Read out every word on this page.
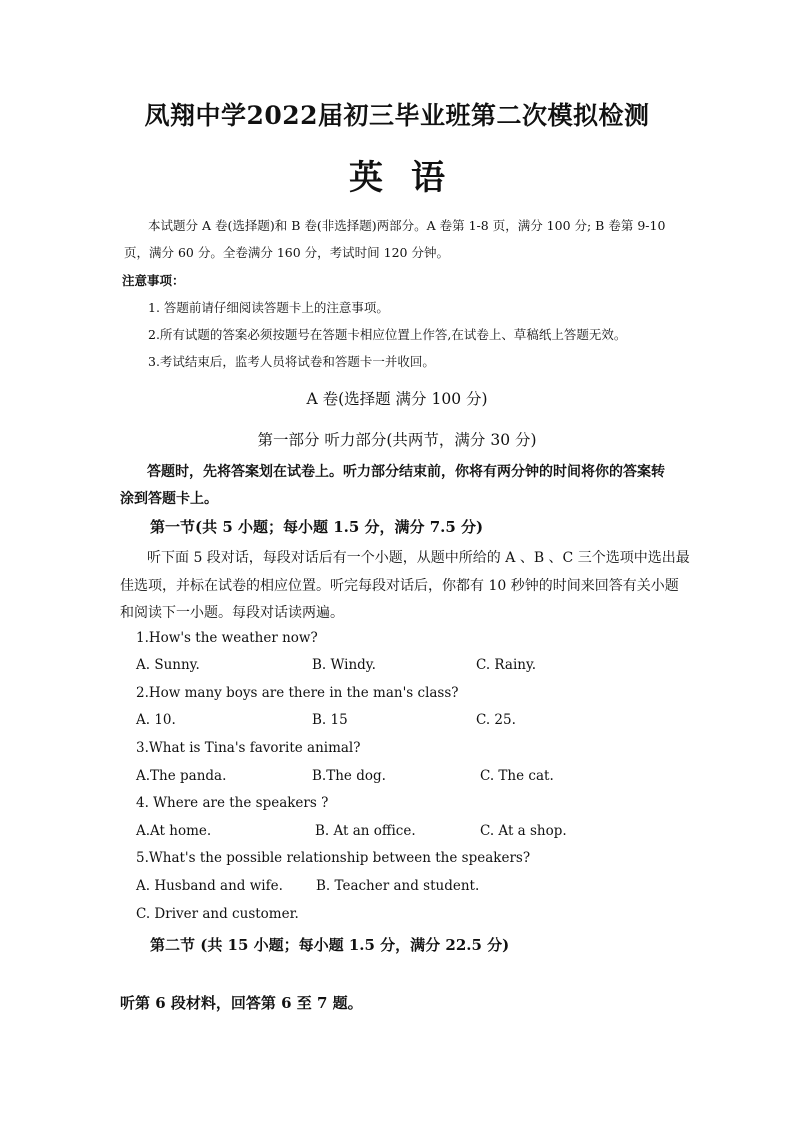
凤翔中学2022届初三毕业班第二次模拟检测
英语
本试题分 A 卷(选择题)和 B 卷(非选择题)两部分。A 卷第 1-8 页，满分 100 分; B 卷第 9-10
页，满分 60 分。全卷满分 160 分，考试时间 120 分钟。
注意事项：
1. 答题前请仔细阅读答题卡上的注意事项。
2.所有试题的答案必须按题号在答题卡相应位置上作答,在试卷上、草稿纸上答题无效。
3.考试结束后，监考人员将试卷和答题卡一并收回。
A 卷(选择题 满分 100 分)
第一部分 听力部分(共两节，满分 30 分)
答题时，先将答案划在试卷上。听力部分结束前，你将有两分钟的时间将你的答案转
涂到答题卡上。
第一节(共 5 小题；每小题 1.5 分，满分 7.5 分)
听下面 5 段对话，每段对话后有一个小题，从题中所给的 A 、B 、C 三个选项中选出最
佳选项，并标在试卷的相应位置。听完每段对话后，你都有 10 秒钟的时间来回答有关小题
和阅读下一小题。每段对话读两遍。
1.How's the weather now?
A. Sunny.	B. Windy.	C. Rainy.
2.How many boys are there in the man's class?
A. 10.	B. 15	C. 25.
3.What is Tina's favorite animal?
A.The panda.	B.The dog.	C. The cat.
4. Where are the speakers ?
A.At home.	B. At an office.	C. At a shop.
5.What's the possible relationship between the speakers?
A. Husband and wife. B. Teacher and student.
C. Driver and customer.
第二节 (共 15 小题；每小题 1.5 分，满分 22.5 分)
听第 6 段材料，回答第 6 至 7 题。
